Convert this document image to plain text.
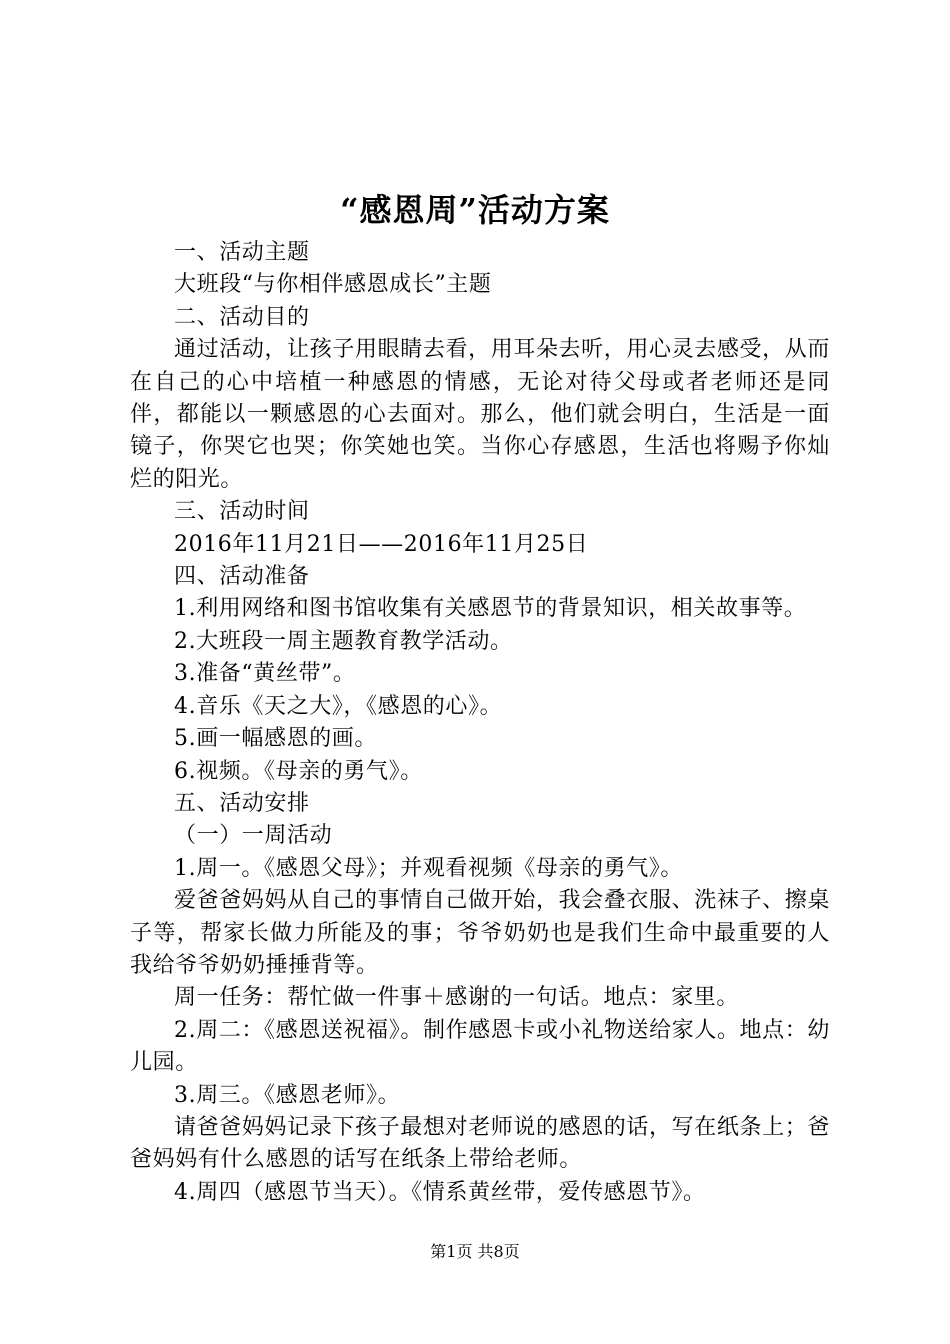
“感恩周”活动方案

一、活动主题

大班段“与你相伴感恩成长”主题

二、活动目的

通过活动，让孩子用眼睛去看，用耳朵去听，用心灵去感受，从而在自己的心中培植一种感恩的情感，无论对待父母或者老师还是同伴，都能以一颗感恩的心去面对。那么，他们就会明白，生活是一面镜子，你哭它也哭；你笑她也笑。当你心存感恩，生活也将赐予你灿烂的阳光。

三、活动时间

2016年11月21日——2016年11月25日

四、活动准备

1.利用网络和图书馆收集有关感恩节的背景知识，相关故事等。

2.大班段一周主题教育教学活动。

3.准备“黄丝带”。

4.音乐《天之大》，《感恩的心》。

5.画一幅感恩的画。

6.视频。《母亲的勇气》。

五、活动安排

（一）一周活动

1.周一。《感恩父母》；并观看视频《母亲的勇气》。

爱爸爸妈妈从自己的事情自己做开始，我会叠衣服、洗袜子、擦桌子等，帮家长做力所能及的事；爷爷奶奶也是我们生命中最重要的人我给爷爷奶奶捶捶背等。

周一任务：帮忙做一件事＋感谢的一句话。地点：家里。

2.周二：《感恩送祝福》。制作感恩卡或小礼物送给家人。地点：幼儿园。

3.周三。《感恩老师》。

请爸爸妈妈记录下孩子最想对老师说的感恩的话，写在纸条上；爸爸妈妈有什么感恩的话写在纸条上带给老师。

4.周四（感恩节当天）。《情系黄丝带，爱传感恩节》。

第1页 共8页
